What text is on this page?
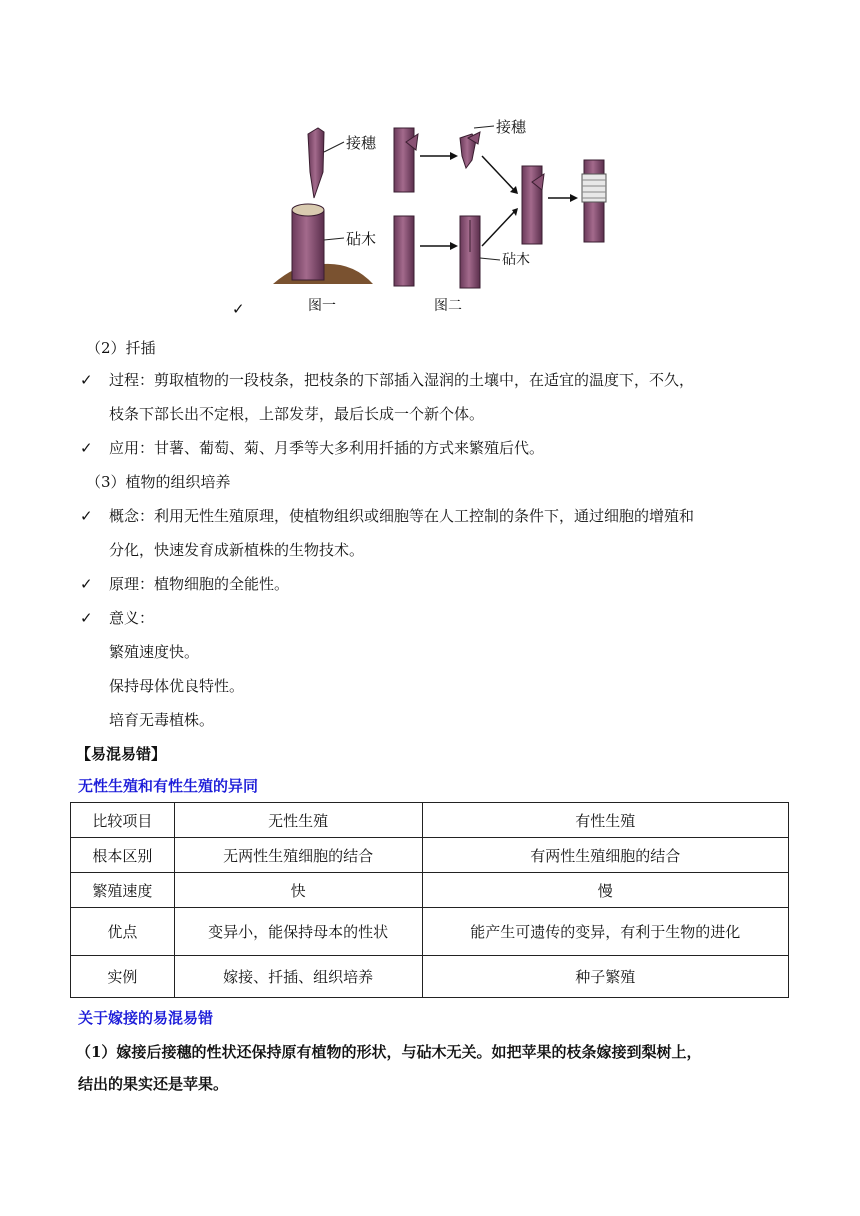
接穗
砧木
接穗
砧木
图一	图二
✓
（2）扦插
✓ 过程：剪取植物的一段枝条，把枝条的下部插入湿润的土壤中，在适宜的温度下，不久，
枝条下部长出不定根，上部发芽，最后长成一个新个体。
✓ 应用：甘薯、葡萄、菊、月季等大多利用扦插的方式来繁殖后代。
（3）植物的组织培养
✓ 概念：利用无性生殖原理，使植物组织或细胞等在人工控制的条件下，通过细胞的增殖和
分化，快速发育成新植株的生物技术。
✓ 原理：植物细胞的全能性。
✓ 意义：
繁殖速度快。
保持母体优良特性。
培育无毒植株。
【易混易错】
无性生殖和有性生殖的异同
比较项目	无性生殖	有性生殖
根本区别	无两性生殖细胞的结合	有两性生殖细胞的结合
繁殖速度	快	慢
优点	变异小，能保持母本的性状	能产生可遗传的变异，有利于生物的进化
实例	嫁接、扦插、组织培养	种子繁殖
关于嫁接的易混易错
（1）嫁接后接穗的性状还保持原有植物的形状，与砧木无关。如把苹果的枝条嫁接到梨树上，
结出的果实还是苹果。
